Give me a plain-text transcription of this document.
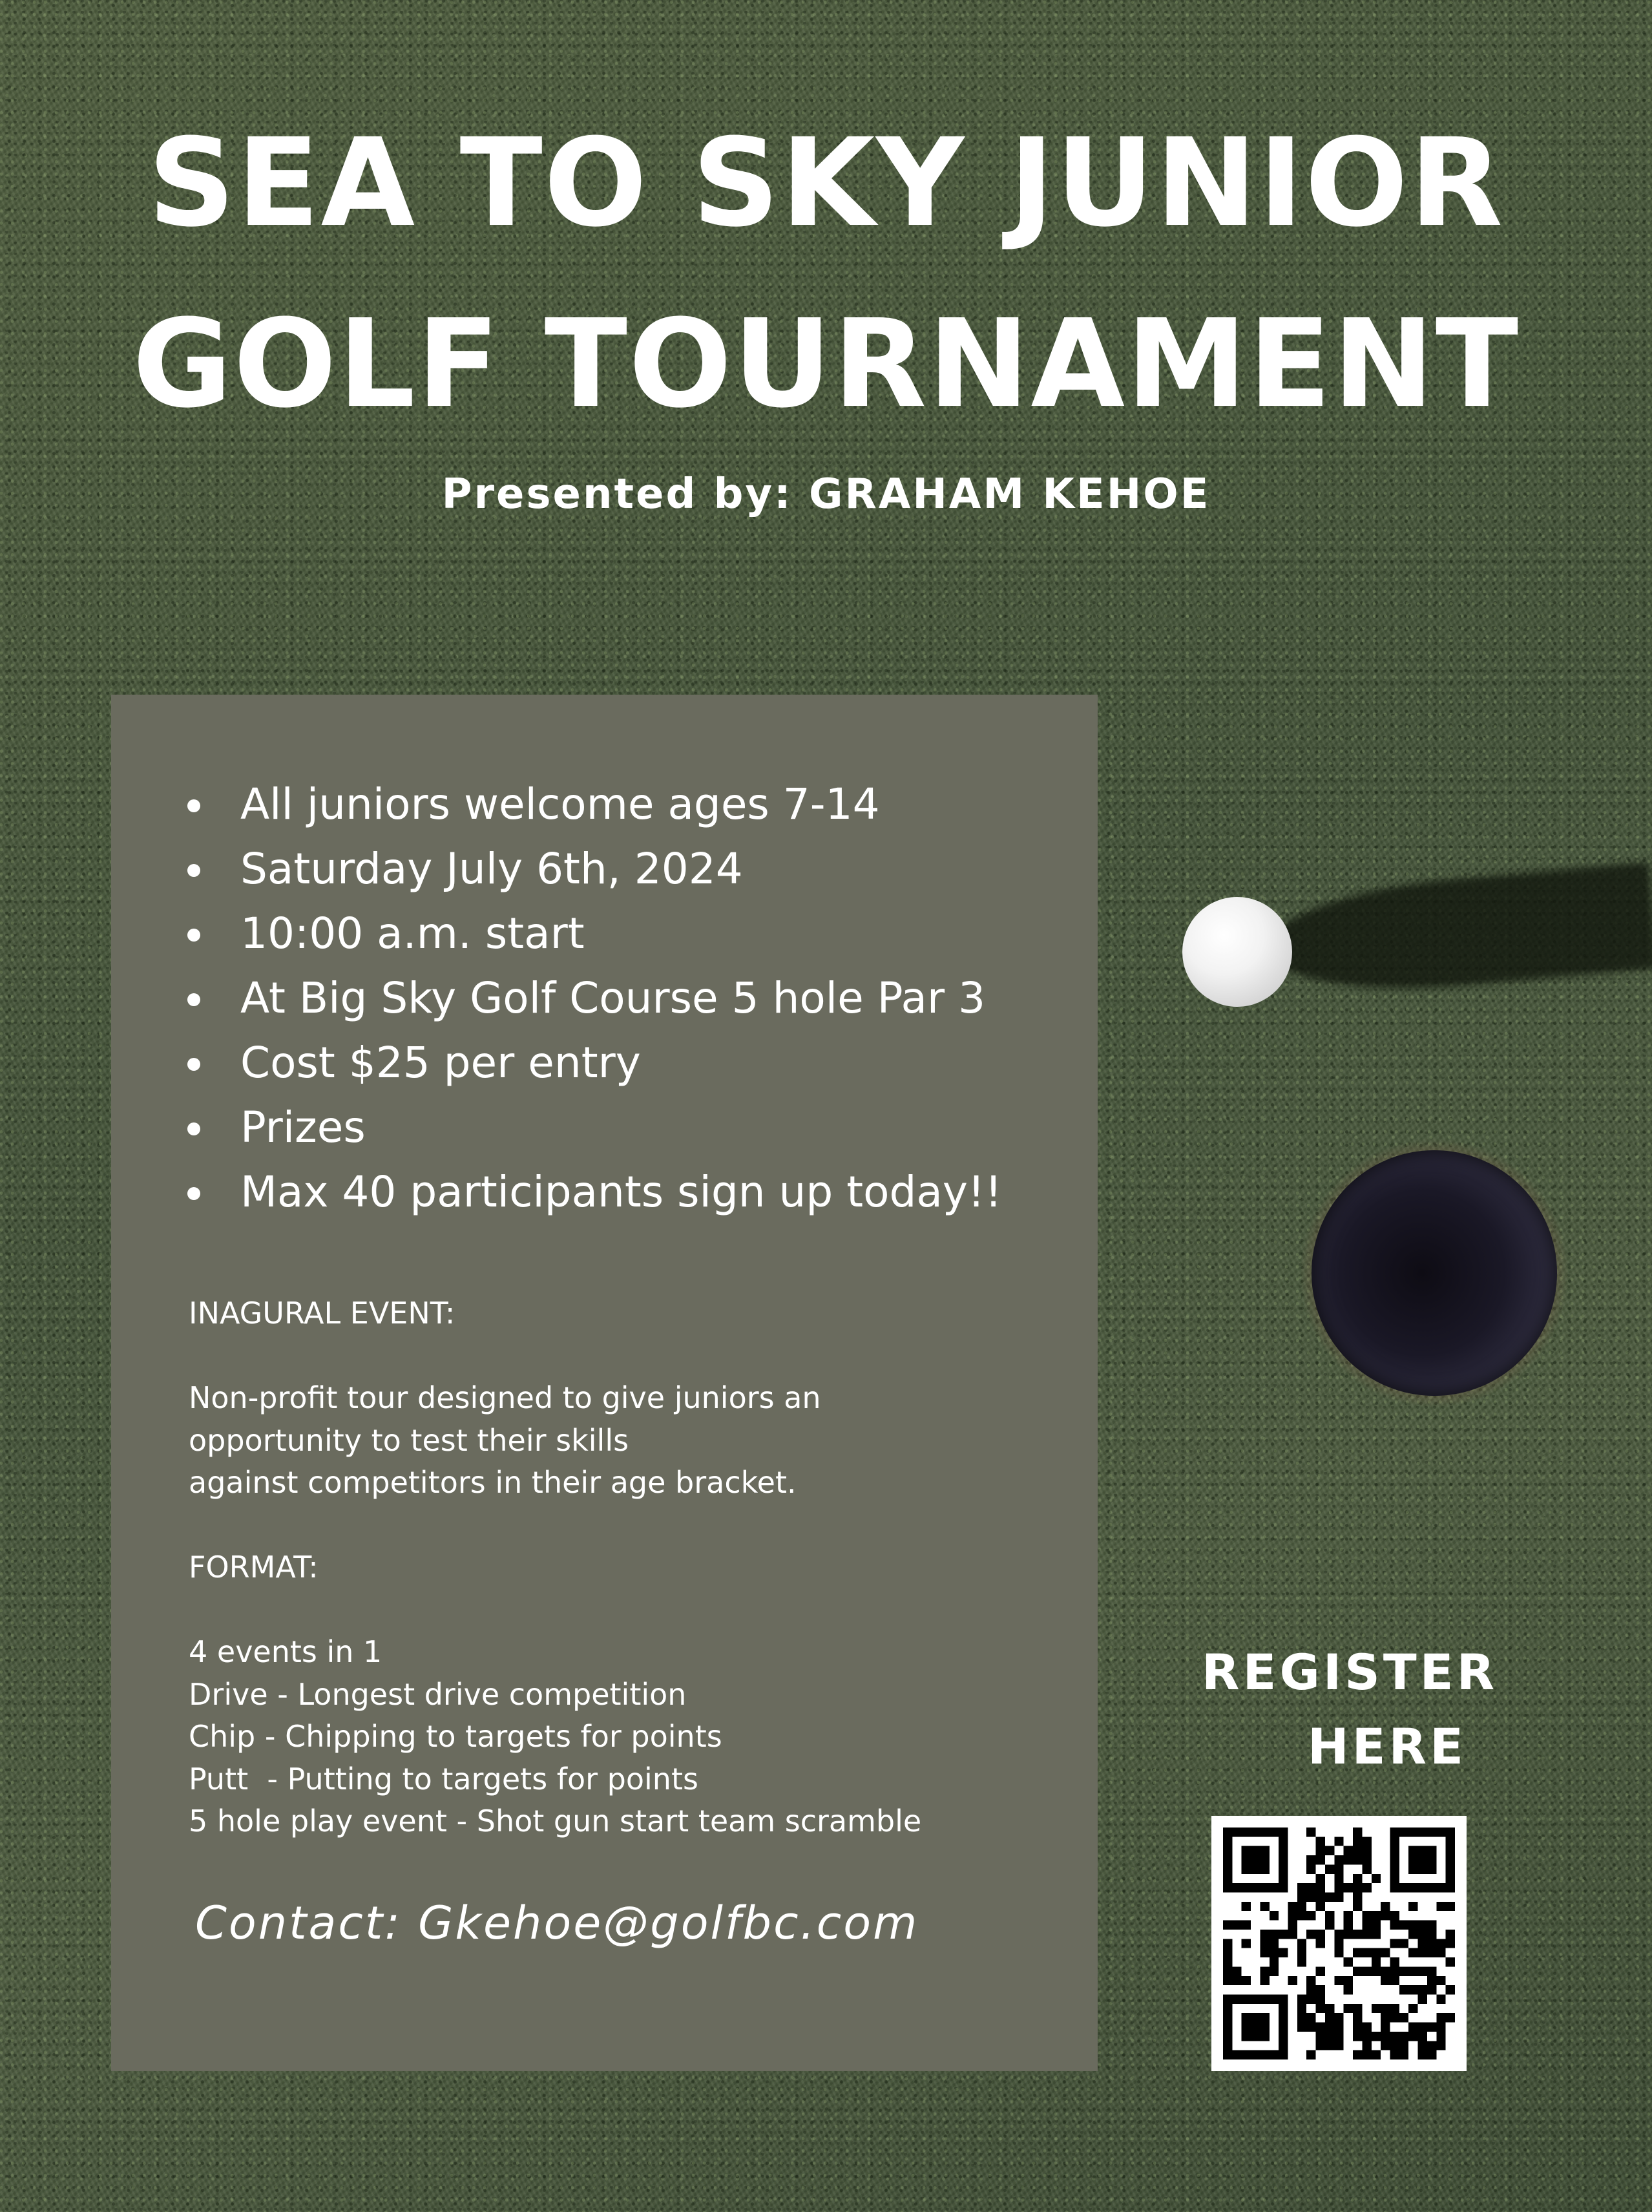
SEA TO SKY JUNIOR
GOLF TOURNAMENT
Presented by: GRAHAM KEHOE
All juniors welcome ages 7-14
Saturday July 6th, 2024
10:00 a.m. start
At Big Sky Golf Course 5 hole Par 3
Cost $25 per entry
Prizes
Max 40 participants sign up today!!
INAGURAL EVENT:

Non-profit tour designed to give juniors an
opportunity to test their skills
against competitors in their age bracket.

FORMAT:

4 events in 1
Drive - Longest drive competition
Chip - Chipping to targets for points
Putt  - Putting to targets for points
5 hole play event - Shot gun start team scramble
Contact: Gkehoe@golfbc.com
REGISTER
HERE
